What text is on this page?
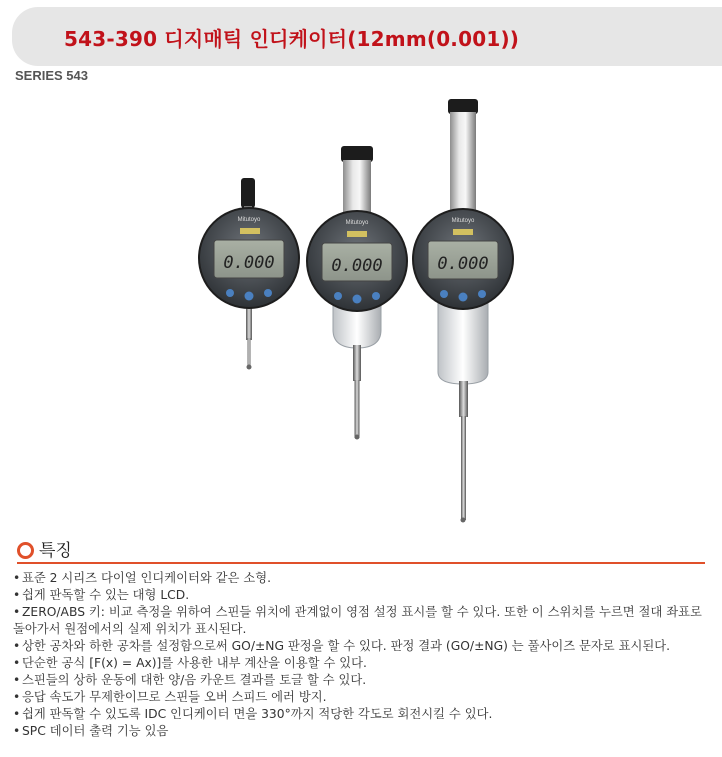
543-390 디지매틱 인디케이터(12mm(0.001))
SERIES 543
0.000
Mitutoyo
0.000
Mitutoyo
0.000
Mitutoyo
특징
• 표준 2 시리즈 다이얼 인디케이터와 같은 소형.
• 쉽게 판독할 수 있는 대형 LCD.
• ZERO/ABS 키: 비교 측정을 위하여 스핀들 위치에 관계없이 영점 설정 표시를 할 수 있다. 또한 이 스위치를 누르면 절대 좌표로 돌아가서 원점에서의 실제 위치가 표시된다.
• 상한 공차와 하한 공차를 설정함으로써 GO/±NG 판정을 할 수 있다. 판정 결과 (GO/±NG) 는 풀사이즈 문자로 표시된다.
• 단순한 공식 [F(x) = Ax)]를 사용한 내부 계산을 이용할 수 있다.
• 스핀들의 상하 운동에 대한 양/음 카운트 결과를 토글 할 수 있다.
• 응답 속도가 무제한이므로 스핀들 오버 스피드 에러 방지.
• 쉽게 판독할 수 있도록 IDC 인디케이터 면을 330°까지 적당한 각도로 회전시킬 수 있다.
• SPC 데이터 출력 기능 있음
